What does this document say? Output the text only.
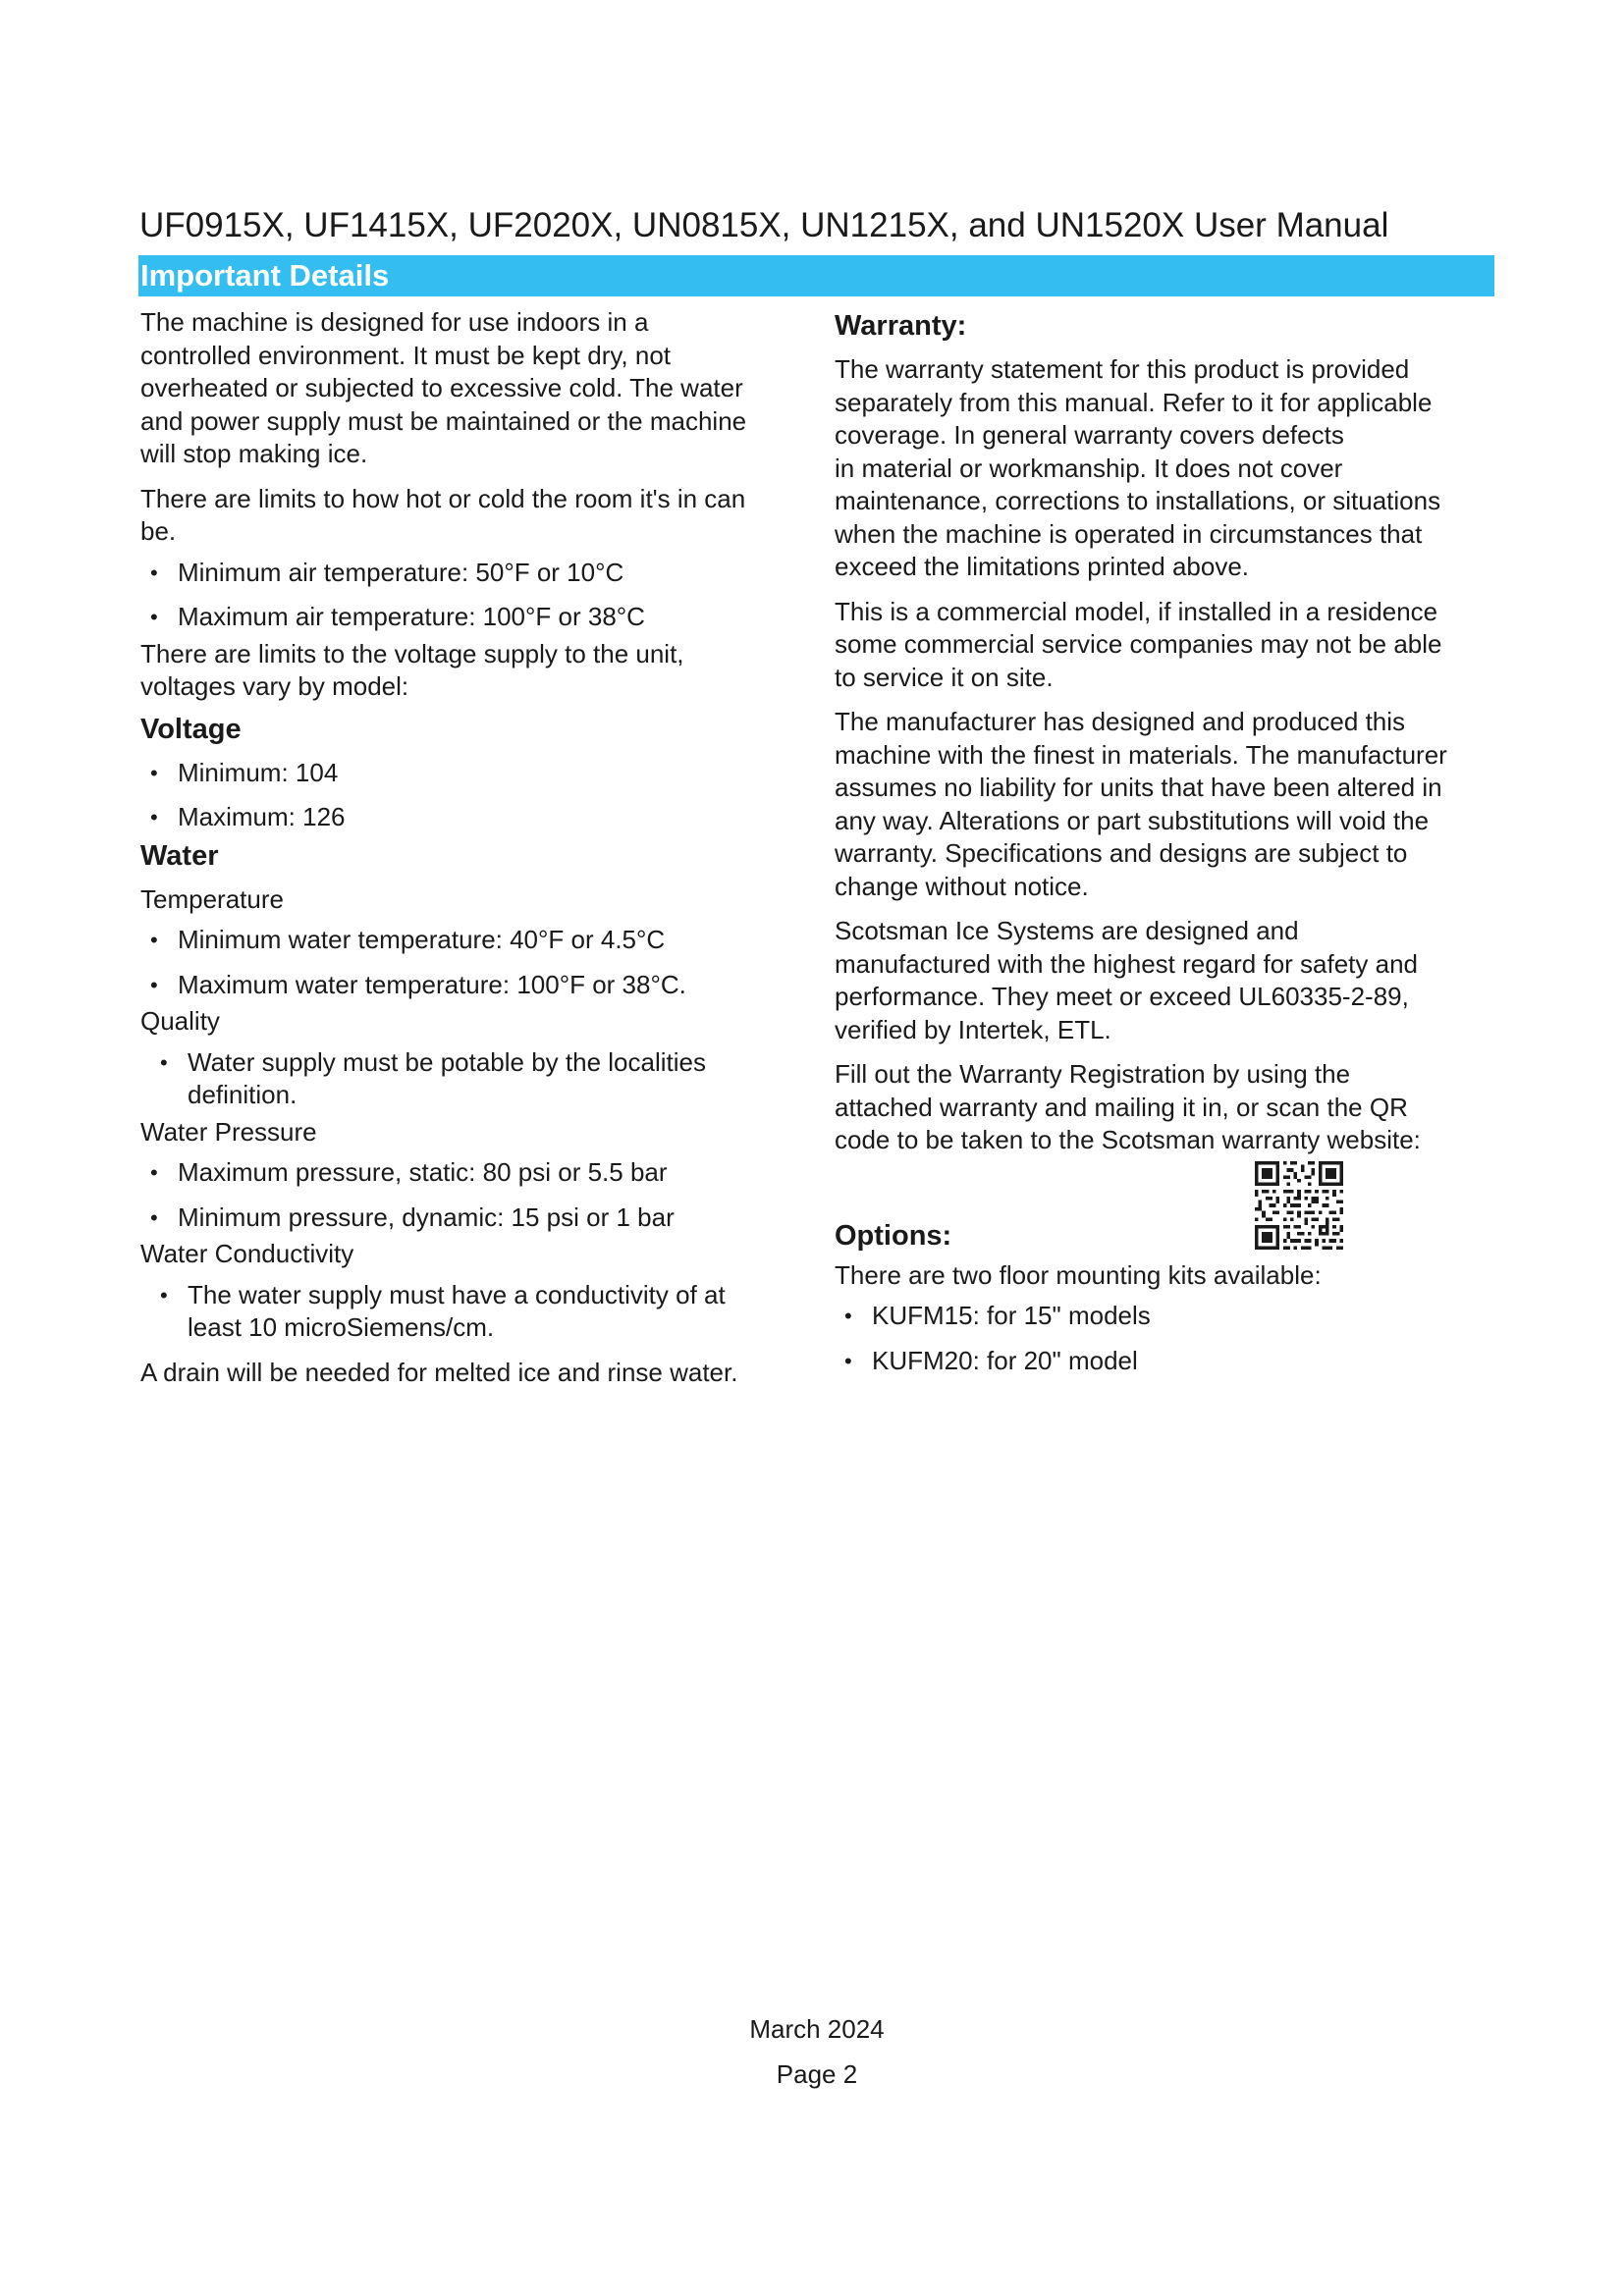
UF0915X, UF1415X, UF2020X, UN0815X, UN1215X, and UN1520X User Manual
Important Details

The machine is designed for use indoors in a
controlled environment. It must be kept dry, not
overheated or subjected to excessive cold. The water
and power supply must be maintained or the machine
will stop making ice.

There are limits to how hot or cold the room it's in can
be.

• Minimum air temperature: 50°F or 10°C
• Maximum air temperature: 100°F or 38°C

There are limits to the voltage supply to the unit,
voltages vary by model:

Voltage
• Minimum: 104
• Maximum: 126
Water
Temperature
• Minimum water temperature: 40°F or 4.5°C
• Maximum water temperature: 100°F or 38°C.
Quality
• Water supply must be potable by the localities
definition.
Water Pressure
• Maximum pressure, static: 80 psi or 5.5 bar
• Minimum pressure, dynamic: 15 psi or 1 bar
Water Conductivity
• The water supply must have a conductivity of at
least 10 microSiemens/cm.

A drain will be needed for melted ice and rinse water.

Warranty:

The warranty statement for this product is provided
separately from this manual. Refer to it for applicable
coverage. In general warranty covers defects
in material or workmanship. It does not cover
maintenance, corrections to installations, or situations
when the machine is operated in circumstances that
exceed the limitations printed above.

This is a commercial model, if installed in a residence
some commercial service companies may not be able
to service it on site.

The manufacturer has designed and produced this
machine with the finest in materials. The manufacturer
assumes no liability for units that have been altered in
any way. Alterations or part substitutions will void the
warranty. Specifications and designs are subject to
change without notice.

Scotsman Ice Systems are designed and
manufactured with the highest regard for safety and
performance. They meet or exceed UL60335-2-89,
verified by Intertek, ETL.

Fill out the Warranty Registration by using the
attached warranty and mailing it in, or scan the QR
code to be taken to the Scotsman warranty website:

Options:

There are two floor mounting kits available:

• KUFM15: for 15" models
• KUFM20: for 20" model
March 2024
Page 2
